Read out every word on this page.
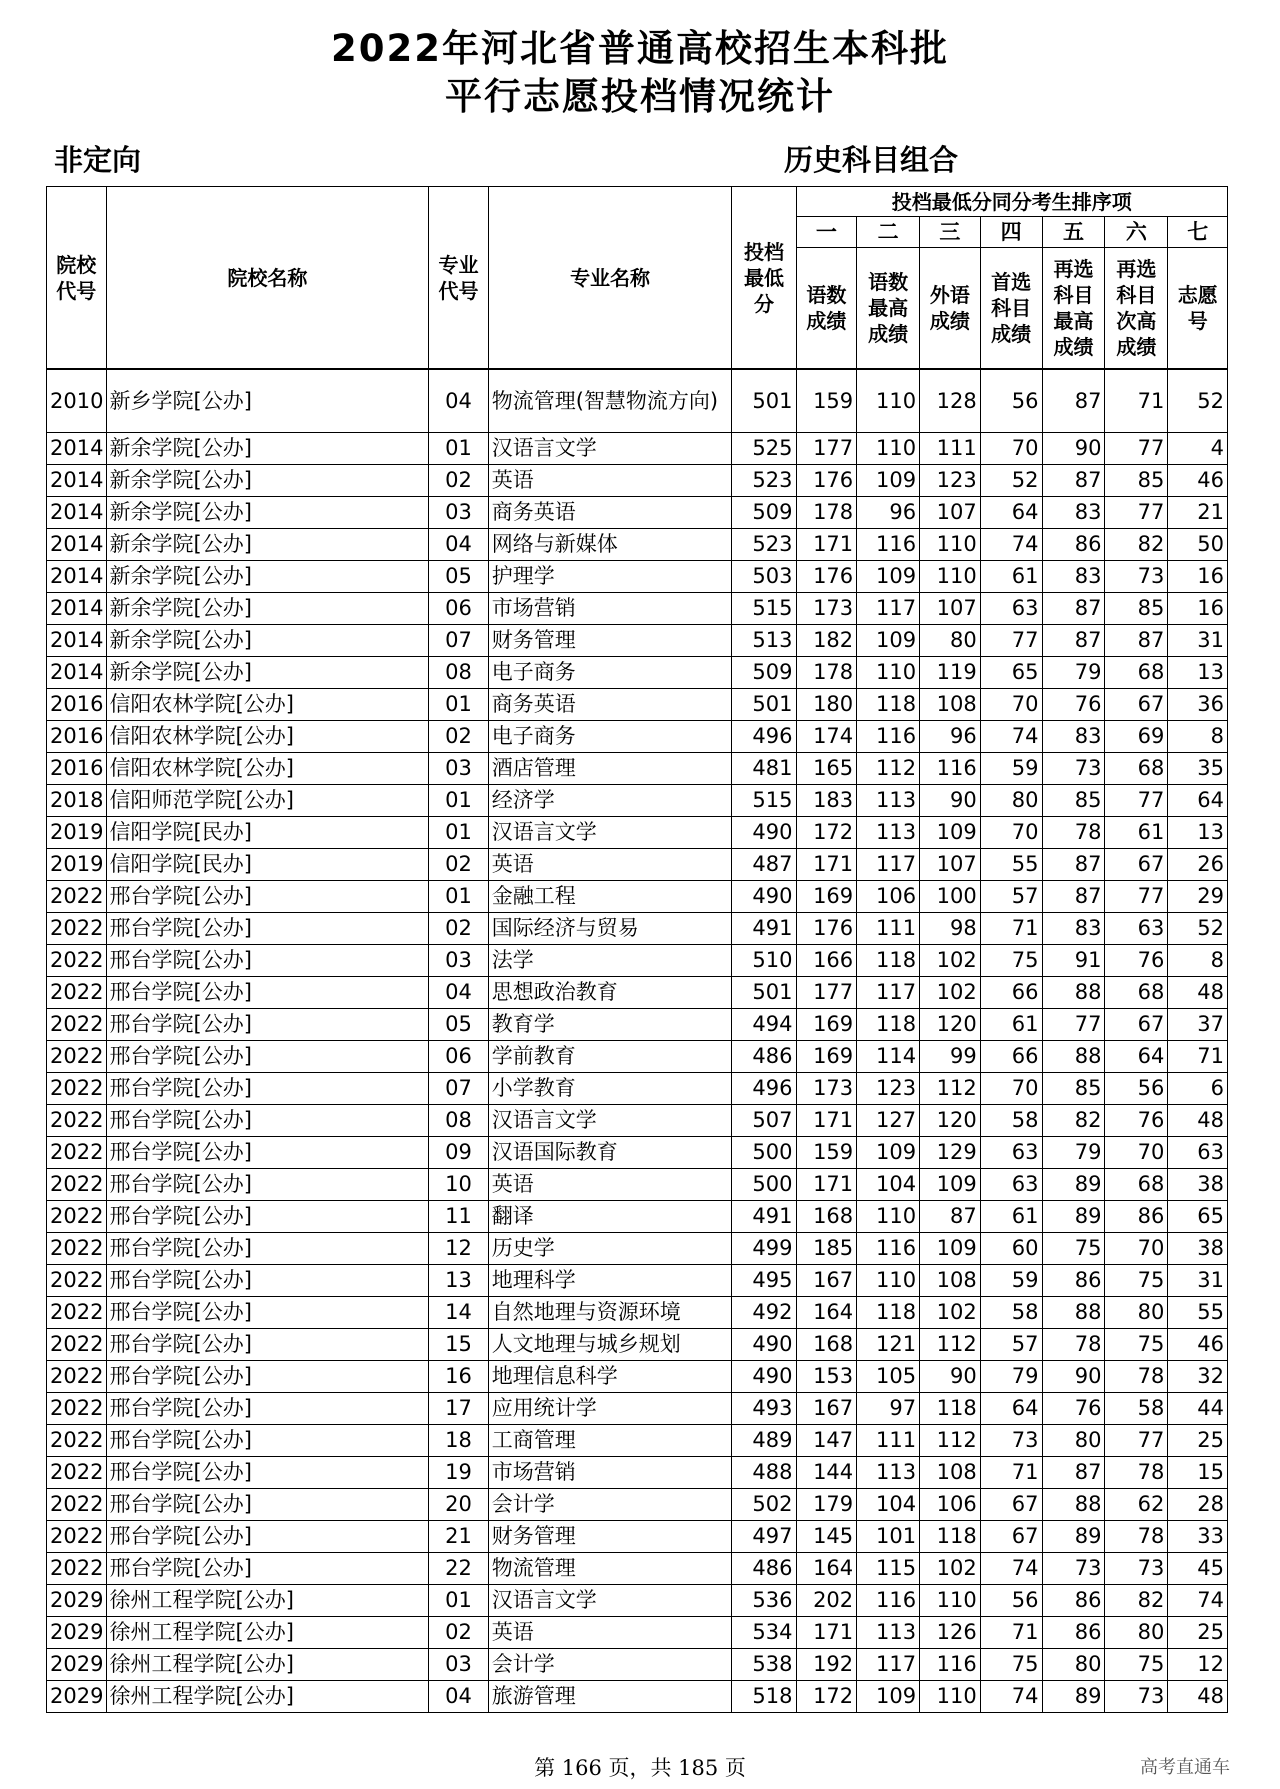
2022年河北省普通高校招生本科批
平行志愿投档情况统计
非定向	历史科目组合
院校代号	院校名称	专业代号	专业名称	投档最低分	投档最低分同分考生排序项						
					一	二	三	四	五	六	七
					语数成绩	语数最高成绩	外语成绩	首选科目成绩	再选科目最高成绩	再选科目次高成绩	志愿号
2010	新乡学院[公办]	04	物流管理(智慧物流方向)	501	159	110	128	56	87	71	52
2014	新余学院[公办]	01	汉语言文学	525	177	110	111	70	90	77	4
2014	新余学院[公办]	02	英语	523	176	109	123	52	87	85	46
2014	新余学院[公办]	03	商务英语	509	178	96	107	64	83	77	21
2014	新余学院[公办]	04	网络与新媒体	523	171	116	110	74	86	82	50
2014	新余学院[公办]	05	护理学	503	176	109	110	61	83	73	16
2014	新余学院[公办]	06	市场营销	515	173	117	107	63	87	85	16
2014	新余学院[公办]	07	财务管理	513	182	109	80	77	87	87	31
2014	新余学院[公办]	08	电子商务	509	178	110	119	65	79	68	13
2016	信阳农林学院[公办]	01	商务英语	501	180	118	108	70	76	67	36
2016	信阳农林学院[公办]	02	电子商务	496	174	116	96	74	83	69	8
2016	信阳农林学院[公办]	03	酒店管理	481	165	112	116	59	73	68	35
2018	信阳师范学院[公办]	01	经济学	515	183	113	90	80	85	77	64
2019	信阳学院[民办]	01	汉语言文学	490	172	113	109	70	78	61	13
2019	信阳学院[民办]	02	英语	487	171	117	107	55	87	67	26
2022	邢台学院[公办]	01	金融工程	490	169	106	100	57	87	77	29
2022	邢台学院[公办]	02	国际经济与贸易	491	176	111	98	71	83	63	52
2022	邢台学院[公办]	03	法学	510	166	118	102	75	91	76	8
2022	邢台学院[公办]	04	思想政治教育	501	177	117	102	66	88	68	48
2022	邢台学院[公办]	05	教育学	494	169	118	120	61	77	67	37
2022	邢台学院[公办]	06	学前教育	486	169	114	99	66	88	64	71
2022	邢台学院[公办]	07	小学教育	496	173	123	112	70	85	56	6
2022	邢台学院[公办]	08	汉语言文学	507	171	127	120	58	82	76	48
2022	邢台学院[公办]	09	汉语国际教育	500	159	109	129	63	79	70	63
2022	邢台学院[公办]	10	英语	500	171	104	109	63	89	68	38
2022	邢台学院[公办]	11	翻译	491	168	110	87	61	89	86	65
2022	邢台学院[公办]	12	历史学	499	185	116	109	60	75	70	38
2022	邢台学院[公办]	13	地理科学	495	167	110	108	59	86	75	31
2022	邢台学院[公办]	14	自然地理与资源环境	492	164	118	102	58	88	80	55
2022	邢台学院[公办]	15	人文地理与城乡规划	490	168	121	112	57	78	75	46
2022	邢台学院[公办]	16	地理信息科学	490	153	105	90	79	90	78	32
2022	邢台学院[公办]	17	应用统计学	493	167	97	118	64	76	58	44
2022	邢台学院[公办]	18	工商管理	489	147	111	112	73	80	77	25
2022	邢台学院[公办]	19	市场营销	488	144	113	108	71	87	78	15
2022	邢台学院[公办]	20	会计学	502	179	104	106	67	88	62	28
2022	邢台学院[公办]	21	财务管理	497	145	101	118	67	89	78	33
2022	邢台学院[公办]	22	物流管理	486	164	115	102	74	73	73	45
2029	徐州工程学院[公办]	01	汉语言文学	536	202	116	110	56	86	82	74
2029	徐州工程学院[公办]	02	英语	534	171	113	126	71	86	80	25
2029	徐州工程学院[公办]	03	会计学	538	192	117	116	75	80	75	12
2029	徐州工程学院[公办]	04	旅游管理	518	172	109	110	74	89	73	48
第 166 页，共 185 页	高考直通车
